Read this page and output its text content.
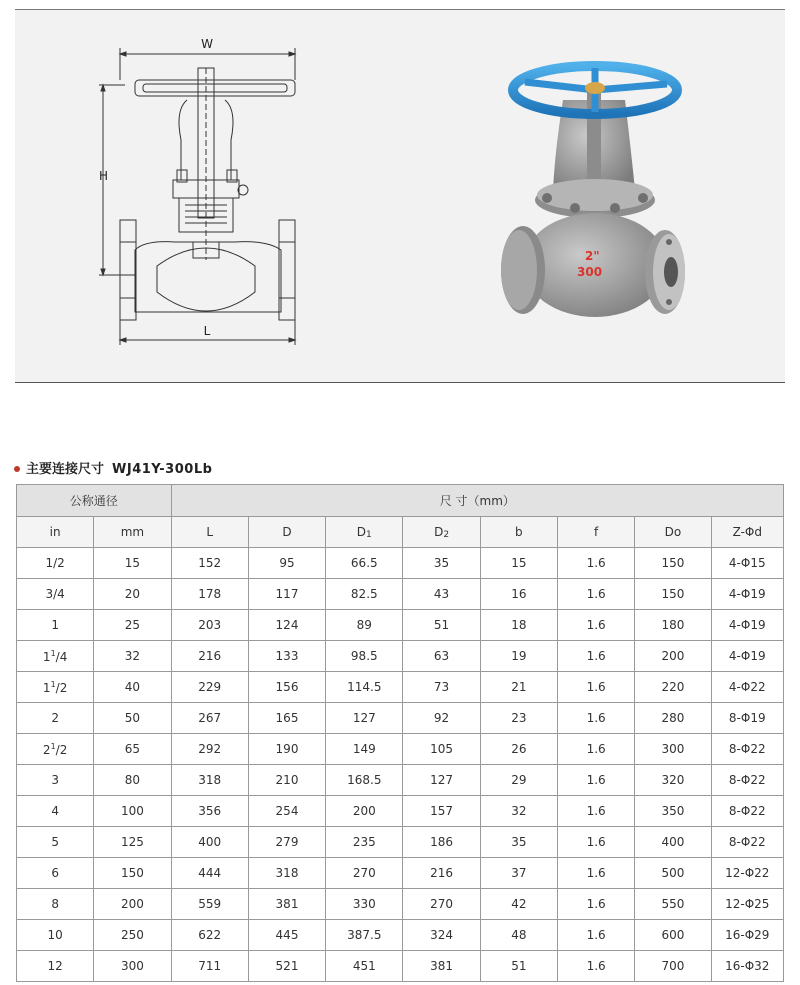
W
H
L
2"
300
主要连接尺寸 WJ41Y-300Lb
公称通径		尺 寸（mm）							
in	mm	L	D	D1	D2	b	f	Do	Z-Φd
1/2	15	152	95	66.5	35	15	1.6	150	4-Φ15
3/4	20	178	117	82.5	43	16	1.6	150	4-Φ19
1	25	203	124	89	51	18	1.6	180	4-Φ19
$1^1/4$	32	216	133	98.5	63	19	1.6	200	4-Φ19
$1^1/2$	40	229	156	114.5	73	21	1.6	220	4-Φ22
2	50	267	165	127	92	23	1.6	280	8-Φ19
$2^1/2$	65	292	190	149	105	26	1.6	300	8-Φ22
3	80	318	210	168.5	127	29	1.6	320	8-Φ22
4	100	356	254	200	157	32	1.6	350	8-Φ22
5	125	400	279	235	186	35	1.6	400	8-Φ22
6	150	444	318	270	216	37	1.6	500	12-Φ22
8	200	559	381	330	270	42	1.6	550	12-Φ25
10	250	622	445	387.5	324	48	1.6	600	16-Φ29
12	300	711	521	451	381	51	1.6	700	16-Φ32
